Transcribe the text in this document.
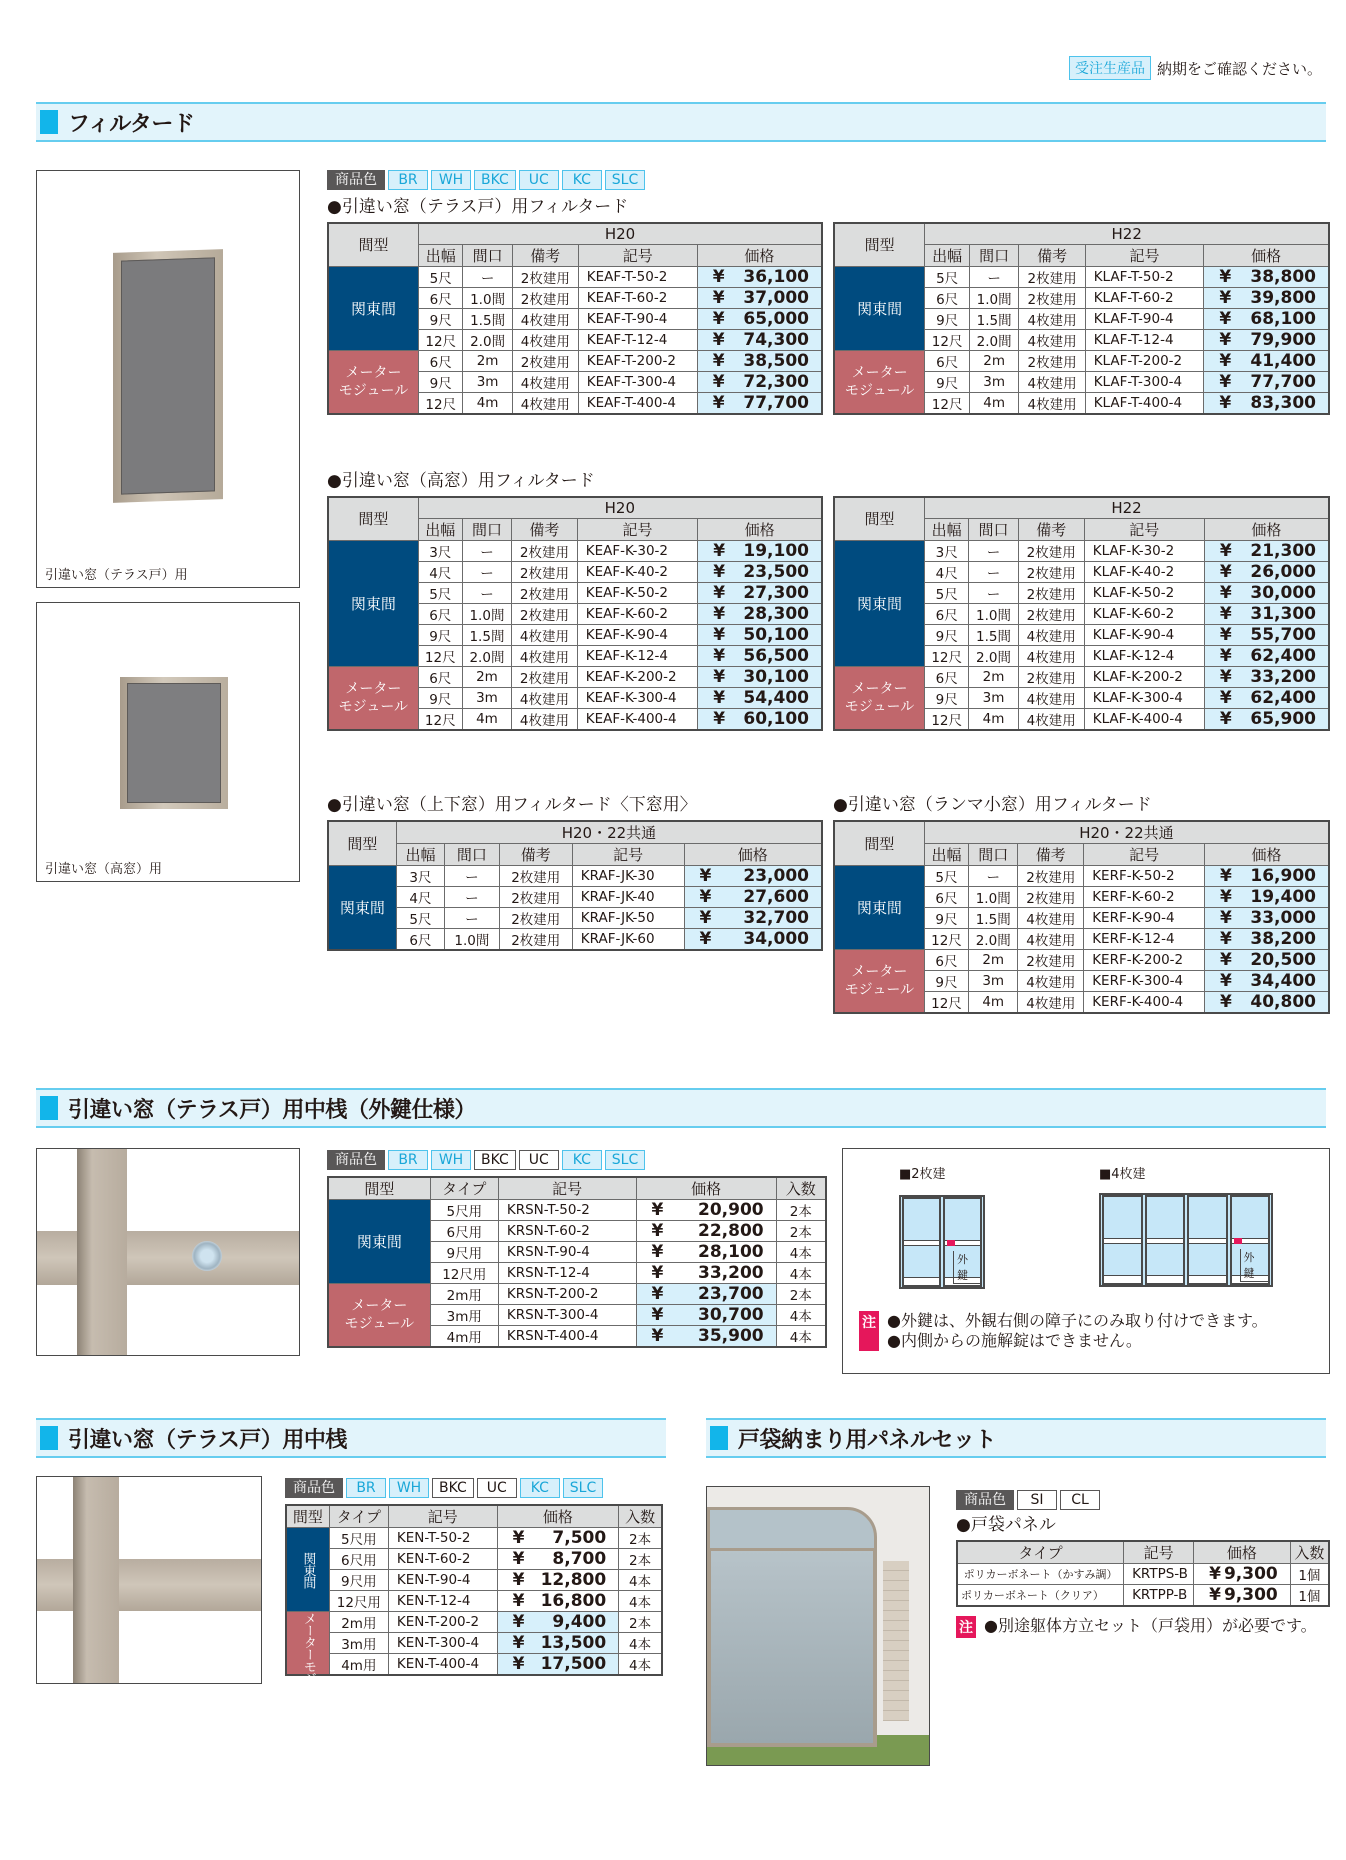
受注生産品 納期をご確認ください。
フィルタード
引違い窓（テラス戸）用
引違い窓（高窓）用
商品色	BR	WH	BKC	UC	KC	SLC
●引違い窓（テラス戸）用フィルタード
間型	H20				
	出幅	間口	備考	記号	価格
関東間	5尺	ー	2枚建用	KEAF-T-50-2	¥ 36,100
	6尺	1.0間	2枚建用	KEAF-T-60-2	¥ 37,000
	9尺	1.5間	4枚建用	KEAF-T-90-4	¥ 65,000
	12尺	2.0間	4枚建用	KEAF-T-12-4	¥ 74,300
メーター
モジュール	6尺	2m	2枚建用	KEAF-T-200-2	¥ 38,500
	9尺	3m	4枚建用	KEAF-T-300-4	¥ 72,300
	12尺	4m	4枚建用	KEAF-T-400-4	¥ 77,700
間型	H22				
	出幅	間口	備考	記号	価格
関東間	5尺	ー	2枚建用	KLAF-T-50-2	¥ 38,800
	6尺	1.0間	2枚建用	KLAF-T-60-2	¥ 39,800
	9尺	1.5間	4枚建用	KLAF-T-90-4	¥ 68,100
	12尺	2.0間	4枚建用	KLAF-T-12-4	¥ 79,900
メーター
モジュール	6尺	2m	2枚建用	KLAF-T-200-2	¥ 41,400
	9尺	3m	4枚建用	KLAF-T-300-4	¥ 77,700
	12尺	4m	4枚建用	KLAF-T-400-4	¥ 83,300
●引違い窓（高窓）用フィルタード
間型	H20				
	出幅	間口	備考	記号	価格
関東間	3尺	ー	2枚建用	KEAF-K-30-2	¥ 19,100
	4尺	ー	2枚建用	KEAF-K-40-2	¥ 23,500
	5尺	ー	2枚建用	KEAF-K-50-2	¥ 27,300
	6尺	1.0間	2枚建用	KEAF-K-60-2	¥ 28,300
	9尺	1.5間	4枚建用	KEAF-K-90-4	¥ 50,100
	12尺	2.0間	4枚建用	KEAF-K-12-4	¥ 56,500
メーター
モジュール	6尺	2m	2枚建用	KEAF-K-200-2	¥ 30,100
	9尺	3m	4枚建用	KEAF-K-300-4	¥ 54,400
	12尺	4m	4枚建用	KEAF-K-400-4	¥ 60,100
間型	H22				
	出幅	間口	備考	記号	価格
関東間	3尺	ー	2枚建用	KLAF-K-30-2	¥ 21,300
	4尺	ー	2枚建用	KLAF-K-40-2	¥ 26,000
	5尺	ー	2枚建用	KLAF-K-50-2	¥ 30,000
	6尺	1.0間	2枚建用	KLAF-K-60-2	¥ 31,300
	9尺	1.5間	4枚建用	KLAF-K-90-4	¥ 55,700
	12尺	2.0間	4枚建用	KLAF-K-12-4	¥ 62,400
メーター
モジュール	6尺	2m	2枚建用	KLAF-K-200-2	¥ 33,200
	9尺	3m	4枚建用	KLAF-K-300-4	¥ 62,400
	12尺	4m	4枚建用	KLAF-K-400-4	¥ 65,900
●引違い窓（上下窓）用フィルタード〈下窓用〉
間型	H20・22共通				
	出幅	間口	備考	記号	価格
関東間	3尺	ー	2枚建用	KRAF-JK-30	¥ 23,000
	4尺	ー	2枚建用	KRAF-JK-40	¥ 27,600
	5尺	ー	2枚建用	KRAF-JK-50	¥ 32,700
	6尺	1.0間	2枚建用	KRAF-JK-60	¥ 34,000
●引違い窓（ランマ小窓）用フィルタード
間型	H20・22共通				
	出幅	間口	備考	記号	価格
関東間	5尺	ー	2枚建用	KERF-K-50-2	¥ 16,900
	6尺	1.0間	2枚建用	KERF-K-60-2	¥ 19,400
	9尺	1.5間	4枚建用	KERF-K-90-4	¥ 33,000
	12尺	2.0間	4枚建用	KERF-K-12-4	¥ 38,200
メーター
モジュール	6尺	2m	2枚建用	KERF-K-200-2	¥ 20,500
	9尺	3m	4枚建用	KERF-K-300-4	¥ 34,400
	12尺	4m	4枚建用	KERF-K-400-4	¥ 40,800
引違い窓（テラス戸）用中桟（外鍵仕様）
商品色	BR	WH	BKC	UC	KC	SLC
間型	タイプ	記号	価格	入数
関東間	5尺用	KRSN-T-50-2	¥ 20,900	2本
	6尺用	KRSN-T-60-2	¥ 22,800	2本
	9尺用	KRSN-T-90-4	¥ 28,100	4本
	12尺用	KRSN-T-12-4	¥ 33,200	4本
メーター
モジュール	2m用	KRSN-T-200-2	¥ 23,700	2本
	3m用	KRSN-T-300-4	¥ 30,700	4本
	4m用	KRSN-T-400-4	¥ 35,900	4本
■2枚建	■4枚建
外鍵
外鍵
注 ●外鍵は、外観右側の障子にのみ取り付けできます。
●内側からの施解錠はできません。
引違い窓（テラス戸）用中桟
商品色	BR	WH	BKC	UC	KC	SLC
間型	タイプ	記号	価格	入数
関東間	5尺用	KEN-T-50-2	¥ 7,500	2本
	6尺用	KEN-T-60-2	¥ 8,700	2本
	9尺用	KEN-T-90-4	¥ 12,800	4本
	12尺用	KEN-T-12-4	¥ 16,800	4本
メーターモジュール	2m用	KEN-T-200-2	¥ 9,400	2本
	3m用	KEN-T-300-4	¥ 13,500	4本
	4m用	KEN-T-400-4	¥ 17,500	4本
戸袋納まり用パネルセット
商品色	SI	CL
●戸袋パネル
タイプ	記号	価格	入数
ポリカーボネート（かすみ調）	KRTPS-B	¥ 9,300	1個
ポリカーボネート（クリア）	KRTPP-B	¥ 9,300	1個
注 ●別途躯体方立セット（戸袋用）が必要です。
